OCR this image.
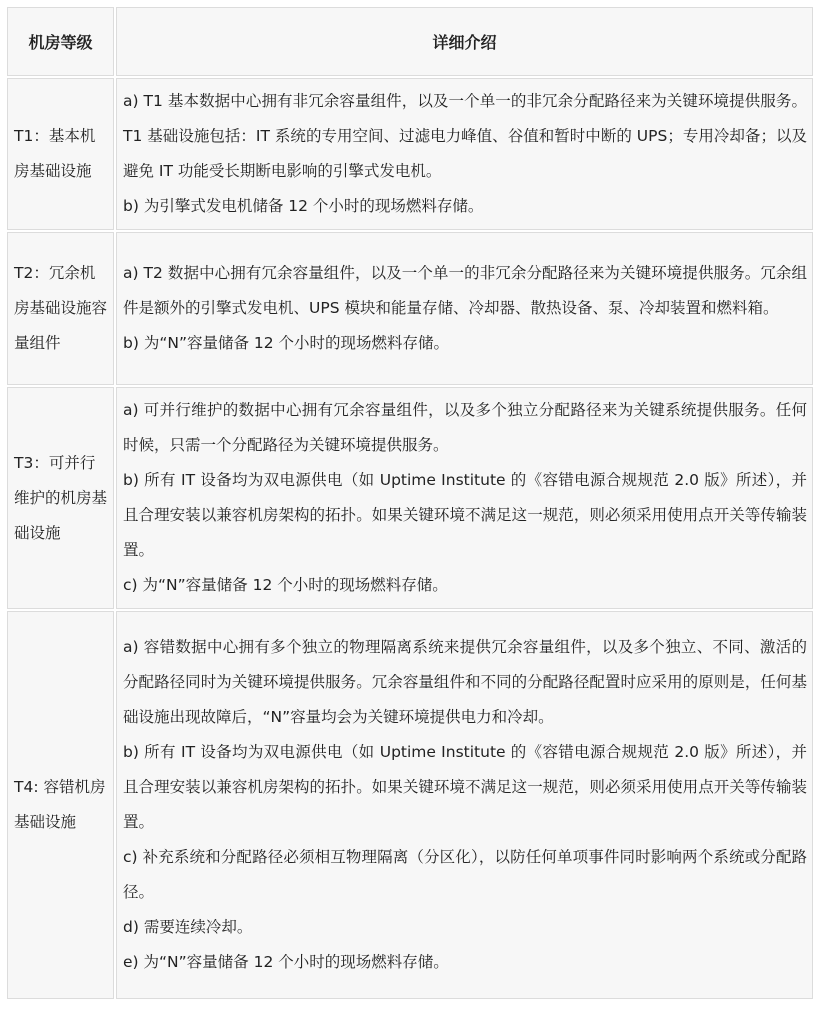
机房等级	详细介绍
T1：基本机房基础设施	a) T1 基本数据中心拥有非冗余容量组件，以及一个单一的非冗余分配路径来为关键环境提供服务。T1 基础设施包括：IT 系统的专用空间、过滤电力峰值、谷值和暂时中断的 UPS；专用冷却备；以及避免 IT 功能受长期断电影响的引擎式发电机。

b) 为引擎式发电机储备 12 个小时的现场燃料存储。

T2：冗余机房基础设施容量组件	a) T2 数据中心拥有冗余容量组件，以及一个单一的非冗余分配路径来为关键环境提供服务。冗余组件是额外的引擎式发电机、UPS 模块和能量存储、冷却器、散热设备、泵、冷却装置和燃料箱。

b) 为“N”容量储备 12 个小时的现场燃料存储。

T3：可并行维护的机房基础设施	a) 可并行维护的数据中心拥有冗余容量组件，以及多个独立分配路径来为关键系统提供服务。任何时候，只需一个分配路径为关键环境提供服务。

b) 所有 IT 设备均为双电源供电（如 Uptime Institute 的《容错电源合规规范 2.0 版》所述），并且合理安装以兼容机房架构的拓扑。如果关键环境不满足这一规范，则必须采用使用点开关等传输装置。

c) 为“N”容量储备 12 个小时的现场燃料存储。

T4: 容错机房基础设施	a) 容错数据中心拥有多个独立的物理隔离系统来提供冗余容量组件，以及多个独立、不同、激活的分配路径同时为关键环境提供服务。冗余容量组件和不同的分配路径配置时应采用的原则是，任何基础设施出现故障后，“N”容量均会为关键环境提供电力和冷却。

b) 所有 IT 设备均为双电源供电（如 Uptime Institute 的《容错电源合规规范 2.0 版》所述），并且合理安装以兼容机房架构的拓扑。如果关键环境不满足这一规范，则必须采用使用点开关等传输装置。

c) 补充系统和分配路径必须相互物理隔离（分区化），以防任何单项事件同时影响两个系统或分配路径。

d) 需要连续冷却。

e) 为“N”容量储备 12 个小时的现场燃料存储。
